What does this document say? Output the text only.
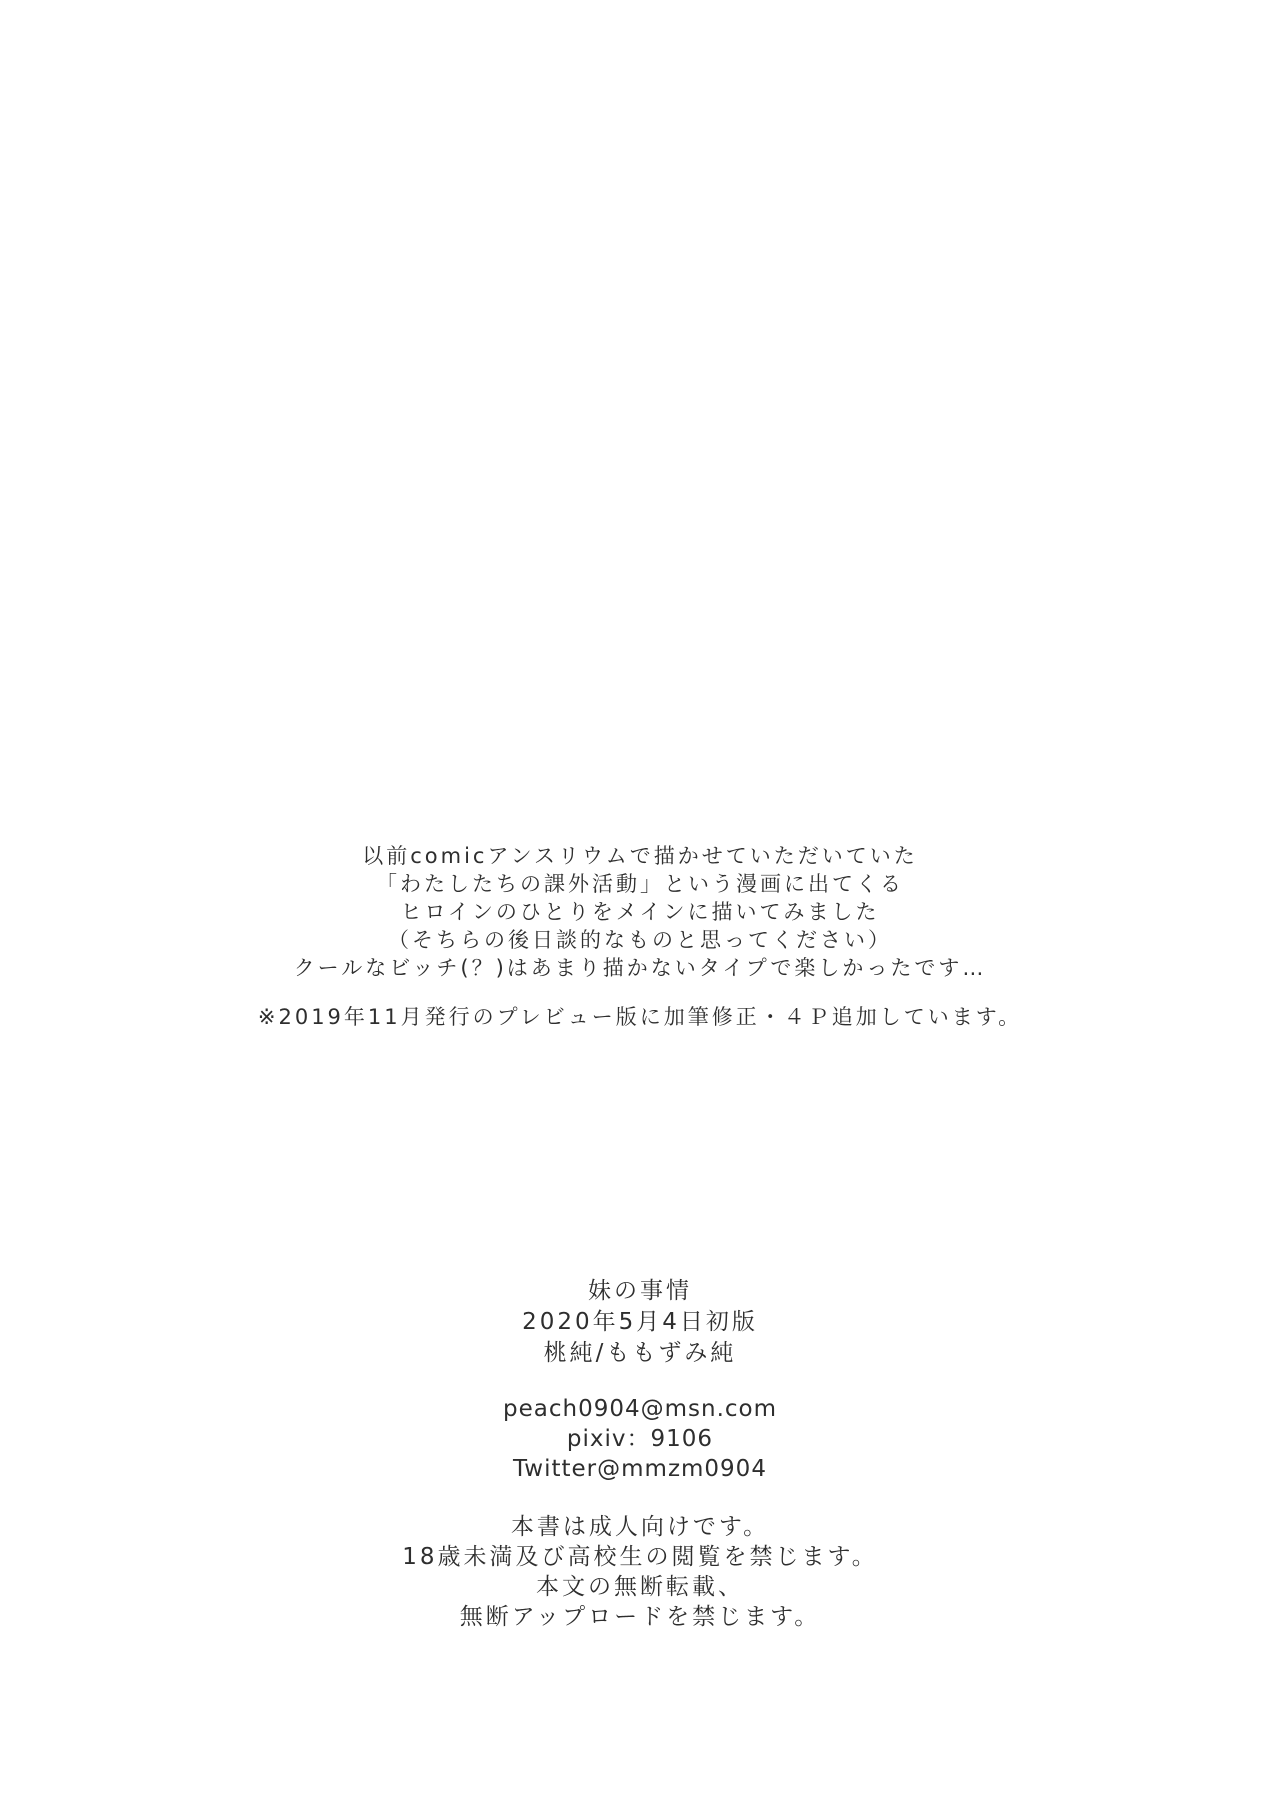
以前comicアンスリウムで描かせていただいていた

「わたしたちの課外活動」という漫画に出てくる

ヒロインのひとりをメインに描いてみました

（そちらの後日談的なものと思ってください）

クールなビッチ(？)はあまり描かないタイプで楽しかったです…

※2019年11月発行のプレビュー版に加筆修正・４Ｐ追加しています。

妹の事情

2020年5月4日初版

桃純/ももずみ純

peach0904@msn.com

pixiv：9106

Twitter@mmzm0904

本書は成人向けです。

18歳未満及び高校生の閲覧を禁じます。

本文の無断転載、

無断アップロードを禁じます。
